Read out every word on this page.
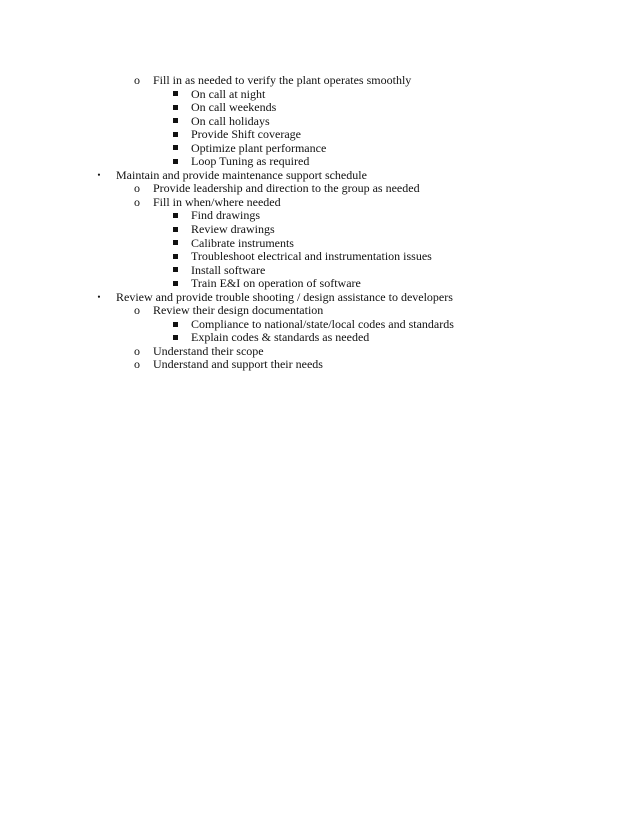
o Fill in as needed to verify the plant operates smoothly
On call at night
On call weekends
On call holidays
Provide Shift coverage
Optimize plant performance
Loop Tuning as required
• Maintain and provide maintenance support schedule
o Provide leadership and direction to the group as needed
o Fill in when/where needed
Find drawings
Review drawings
Calibrate instruments
Troubleshoot electrical and instrumentation issues
Install software
Train E&I on operation of software
• Review and provide trouble shooting / design assistance to developers
o Review their design documentation
Compliance to national/state/local codes and standards
Explain codes & standards as needed
o Understand their scope
o Understand and support their needs
